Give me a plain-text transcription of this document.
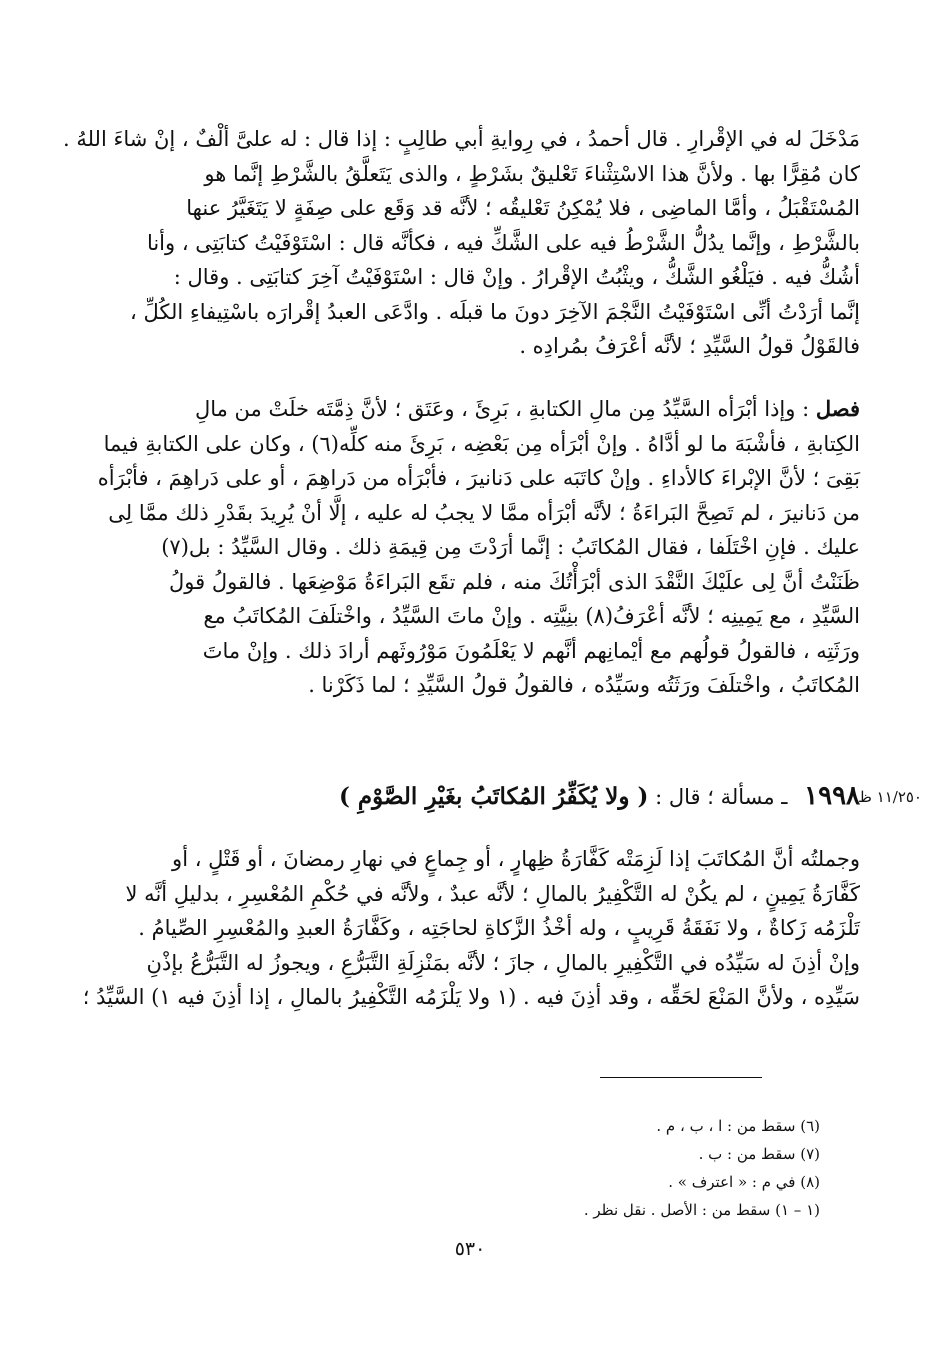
مَدْخَلَ له في الإقْرارِ . قال أحمدُ ، في رِوايةِ أبي طالِبٍ : إذا قال : له علىَّ ألْفٌ ، إنْ شاءَ اللهُ .
كان مُقِرًّا بها . ولأنَّ هذا الاسْتِثْناءَ تَعْليقٌ بشَرْطٍ ، والذى يَتَعلَّقُ بالشَّرْطِ إنَّما هو
المُسْتَقْبَلُ ، وأمَّا الماضِى ، فلا يُمْكِنُ تَعْليقُه ؛ لأنَّه قد وَقَع على صِفَةٍ لا يَتَغَيَّرُ عنها
بالشَّرْطِ ، وإنَّما يدُلُّ الشَّرْطُ فيه على الشَّكِّ فيه ، فكأنَّه قال : اسْتَوْفَيْتُ كتابَتِى ، وأنا
أشُكُّ فيه . فيَلْغُو الشَّكُّ ، ويثْبُتُ الإقْرارُ . وإنْ قال : اسْتَوْفَيْتُ آخِرَ كتابَتِى . وقال :
إنَّما أرَدْتُ أنِّى اسْتَوْفَيْتُ النَّجْمَ الآخِرَ دونَ ما قبلَه . وادَّعَى العبدُ إقْرارَه باسْتِيفاءِ الكُلِّ ،
فالقَوْلُ قولُ السَّيِّدِ ؛ لأنَّه أعْرَفُ بمُرادِه .
فصل : وإذا أبْرَأه السَّيِّدُ مِن مالِ الكتابةِ ، بَرِئَ ، وعَتَق ؛ لأنَّ ذِمَّتَه خلَتْ من مالِ
الكِتابةِ ، فأشْبَهَ ما لو أدَّاهُ . وإنْ أبْرَأه مِن بَعْضِه ، بَرِئَ منه كلِّه(٦) ، وكان على الكتابةِ فيما
بَقِىَ ؛ لأنَّ الإبْراءَ كالأداءِ . وإنْ كاتَبَه على دَنانيرَ ، فأبْرَأه من دَراهِمَ ، أو على دَراهِمَ ، فأبْرَأه
من دَنانيرَ ، لم تَصِحَّ البَراءَةُ ؛ لأنَّه أبْرَأه ممَّا لا يجبُ له عليه ، إلَّا أنْ يُرِيدَ بقَدْرِ ذلك ممَّا لِى
عليك . فإنِ اخْتَلَفا ، فقال المُكاتَبُ : إنَّما أرَدْتَ مِن قِيمَةِ ذلك . وقال السَّيِّدُ : بل(٧)
ظَنَنْتُ أنَّ لِى علَيْكَ النَّقْدَ الذى أبْرَأْتُكَ منه ، فلم تقَع البَراءَةُ مَوْضِعَها . فالقولُ قولُ
السَّيِّدِ ، مع يَمِينِه ؛ لأنَّه أعْرَفُ(٨) بنِيَّتِه . وإنْ ماتَ السَّيِّدُ ، واخْتلَفَ المُكاتَبُ مع
ورَثَتِه ، فالقولُ قولُهم مع أيْمانِهم أنَّهم لا يَعْلَمُونَ مَوْرُوثَهم أرادَ ذلك . وإنْ ماتَ
المُكاتَبُ ، واخْتلَفَ ورَثَتُه وسَيِّدُه ، فالقولُ قولُ السَّيِّدِ ؛ لما ذَكَرْنا .
١١/٢٥٠ ظ
١٩٩٨ ـ مسألة ؛ قال : ( ولا يُكَفِّرُ المُكاتَبُ بغَيْرِ الصَّوْمِ )
وجملتُه أنَّ المُكاتَبَ إذا لَزِمَتْه كَفَّارَةُ ظِهارٍ ، أو جِماعٍ في نهارِ رمضانَ ، أو قَتْلٍ ، أو
كَفَّارَةُ يَمِينٍ ، لم يكُنْ له التَّكْفِيرُ بالمالِ ؛ لأنَّه عبدٌ ، ولأنَّه في حُكْمِ المُعْسِرِ ، بدليلِ أنَّه لا
تَلْزَمُه زَكاةٌ ، ولا نَفَقَةُ قَرِيبٍ ، وله أخْذُ الزَّكاةِ لحاجَتِه ، وكَفَّارَةُ العبدِ والمُعْسِرِ الصِّيامُ .
وإنْ أذِنَ له سَيِّدُه في التَّكْفِيرِ بالمالِ ، جازَ ؛ لأنَّه بمَنْزِلَةِ التَّبَرُّعِ ، ويجوزُ له التَّبَرُّعُ بإذْنِ
سَيِّدِه ، ولأنَّ المَنْعَ لحَقِّه ، وقد أذِنَ فيه . (١ ولا يَلْزَمُه التَّكْفِيرُ بالمالِ ، إذا أذِنَ فيه ١) السَّيِّدُ ؛
(٦) سقط من : ا ، ب ، م .
(٧) سقط من : ب .
(٨) في م : « اعترف » .
(١ – ١) سقط من : الأصل . نقل نظر .
٥٣٠
